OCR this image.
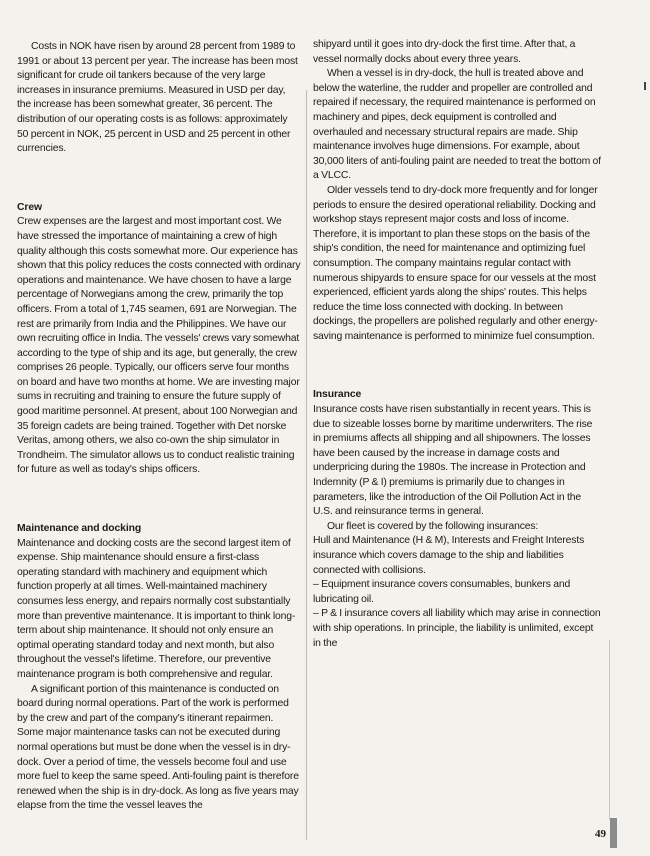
Costs in NOK have risen by around 28 percent from 1989 to 1991 or about 13 percent per year. The increase has been most significant for crude oil tankers because of the very large increases in insurance premiums. Measured in USD per day, the increase has been somewhat greater, 36 percent. The distribution of our operating costs is as follows: approximately 50 percent in NOK, 25 percent in USD and 25 percent in other currencies.

Crew

Crew expenses are the largest and most important cost. We have stressed the importance of maintaining a crew of high quality although this costs somewhat more. Our experience has shown that this policy reduces the costs connected with ordinary operations and maintenance. We have chosen to have a large percentage of Norwegians among the crew, primarily the top officers. From a total of 1,745 seamen, 691 are Norwegian. The rest are primarily from India and the Philippines. We have our own recruiting office in India. The vessels' crews vary somewhat according to the type of ship and its age, but generally, the crew comprises 26 people. Typically, our officers serve four months on board and have two months at home. We are investing major sums in recruiting and training to ensure the future supply of good maritime personnel. At present, about 100 Norwegian and 35 foreign cadets are being trained. Together with Det norske Veritas, among others, we also co-own the ship simulator in Trondheim. The simulator allows us to conduct realistic training for future as well as today's ships officers.

Maintenance and docking

Maintenance and docking costs are the second largest item of expense. Ship maintenance should ensure a first-class operating standard with machinery and equipment which function properly at all times. Well-maintained machinery consumes less energy, and repairs normally cost substantially more than preventive maintenance. It is important to think long-term about ship maintenance. It should not only ensure an optimal operating standard today and next month, but also throughout the vessel's lifetime. Therefore, our preventive maintenance program is both comprehensive and regular.

A significant portion of this maintenance is conducted on board during normal operations. Part of the work is performed by the crew and part of the company's itinerant repairmen. Some major maintenance tasks can not be executed during normal operations but must be done when the vessel is in dry-dock. Over a period of time, the vessels become foul and use more fuel to keep the same speed. Anti-fouling paint is therefore renewed when the ship is in dry-dock. As long as five years may elapse from the time the vessel leaves the

shipyard until it goes into dry-dock the first time. After that, a vessel normally docks about every three years.

When a vessel is in dry-dock, the hull is treated above and below the waterline, the rudder and propeller are controlled and repaired if necessary, the required maintenance is performed on machinery and pipes, deck equipment is controlled and overhauled and necessary structural repairs are made. Ship maintenance involves huge dimensions. For example, about 30,000 liters of anti-fouling paint are needed to treat the bottom of a VLCC.

Older vessels tend to dry-dock more frequently and for longer periods to ensure the desired operational reliability. Docking and workshop stays represent major costs and loss of income. Therefore, it is important to plan these stops on the basis of the ship's condition, the need for maintenance and optimizing fuel consumption. The company maintains regular contact with numerous shipyards to ensure space for our vessels at the most experienced, efficient yards along the ships' routes. This helps reduce the time loss connected with docking. In between dockings, the propellers are polished regularly and other energy-saving maintenance is performed to minimize fuel consumption.

Insurance

Insurance costs have risen substantially in recent years. This is due to sizeable losses borne by maritime underwriters. The rise in premiums affects all shipping and all shipowners. The losses have been caused by the increase in damage costs and underpricing during the 1980s. The increase in Protection and Indemnity (P & I) premiums is primarily due to changes in parameters, like the introduction of the Oil Pollution Act in the U.S. and reinsurance terms in general.

Our fleet is covered by the following insurances:

Hull and Maintenance (H & M), Interests and Freight Interests insurance which covers damage to the ship and liabilities connected with collisions.

– Equipment insurance covers consumables, bunkers and lubricating oil.

– P & I insurance covers all liability which may arise in connection with ship operations. In principle, the liability is unlimited, except in the

49
